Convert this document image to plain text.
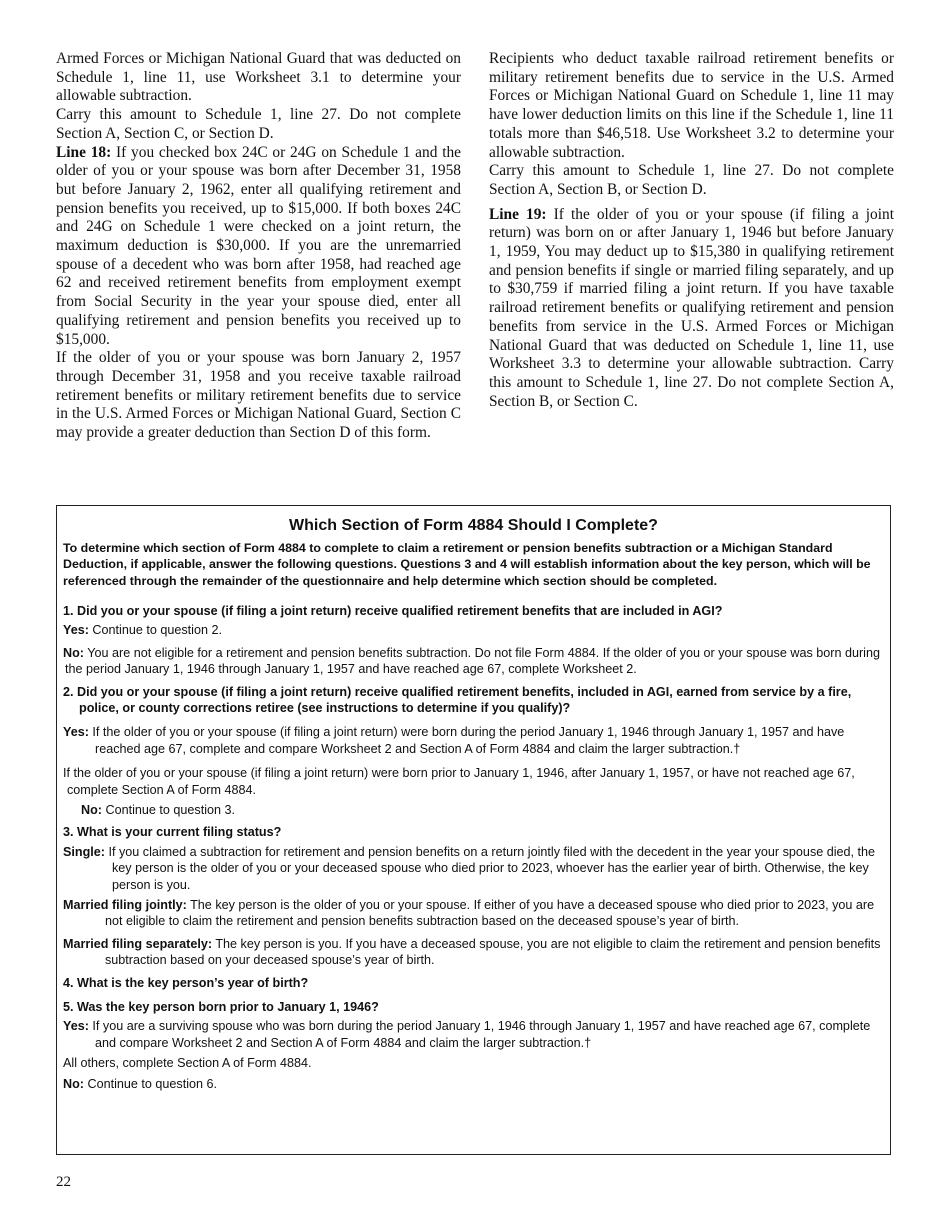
Armed Forces or Michigan National Guard that was deducted on Schedule 1, line 11, use Worksheet 3.1 to determine your allowable subtraction.

Carry this amount to Schedule 1, line 27. Do not complete Section A, Section C, or Section D.

Line 18: If you checked box 24C or 24G on Schedule 1 and the older of you or your spouse was born after December 31, 1958 but before January 2, 1962, enter all qualifying retirement and pension benefits you received, up to $15,000. If both boxes 24C and 24G on Schedule 1 were checked on a joint return, the maximum deduction is $30,000. If you are the unremarried spouse of a decedent who was born after 1958, had reached age 62 and received retirement benefits from employment exempt from Social Security in the year your spouse died, enter all qualifying retirement and pension benefits you received up to $15,000.

If the older of you or your spouse was born January 2, 1957 through December 31, 1958 and you receive taxable railroad retirement benefits or military retirement benefits due to service in the U.S. Armed Forces or Michigan National Guard, Section C may provide a greater deduction than Section D of this form.

Recipients who deduct taxable railroad retirement benefits or military retirement benefits due to service in the U.S. Armed Forces or Michigan National Guard on Schedule 1, line 11 may have lower deduction limits on this line if the Schedule 1, line 11 totals more than $46,518. Use Worksheet 3.2 to determine your allowable subtraction.

Carry this amount to Schedule 1, line 27. Do not complete Section A, Section B, or Section D.

Line 19: If the older of you or your spouse (if filing a joint return) was born on or after January 1, 1946 but before January 1, 1959, You may deduct up to $15,380 in qualifying retirement and pension benefits if single or married filing separately, and up to $30,759 if married filing a joint return. If you have taxable railroad retirement benefits or qualifying retirement and pension benefits from service in the U.S. Armed Forces or Michigan National Guard that was deducted on Schedule 1, line 11, use Worksheet 3.3 to determine your allowable subtraction. Carry this amount to Schedule 1, line 27. Do not complete Section A, Section B, or Section C.

Which Section of Form 4884 Should I Complete?

To determine which section of Form 4884 to complete to claim a retirement or pension benefits subtraction or a Michigan Standard Deduction, if applicable, answer the following questions. Questions 3 and 4 will establish information about the key person, which will be referenced through the remainder of the questionnaire and help determine which section should be completed.

1. Did you or your spouse (if filing a joint return) receive qualified retirement benefits that are included in AGI?

Yes: Continue to question 2.

No: You are not eligible for a retirement and pension benefits subtraction. Do not file Form 4884. If the older of you or your spouse was born during the period January 1, 1946 through January 1, 1957 and have reached age 67, complete Worksheet 2.

2. Did you or your spouse (if filing a joint return) receive qualified retirement benefits, included in AGI, earned from service by a fire, police, or county corrections retiree (see instructions to determine if you qualify)?

Yes: If the older of you or your spouse (if filing a joint return) were born during the period January 1, 1946 through January 1, 1957 and have reached age 67, complete and compare Worksheet 2 and Section A of Form 4884 and claim the larger subtraction.†

If the older of you or your spouse (if filing a joint return) were born prior to January 1, 1946, after January 1, 1957, or have not reached age 67, complete Section A of Form 4884.

No: Continue to question 3.

3. What is your current filing status?

Single: If you claimed a subtraction for retirement and pension benefits on a return jointly filed with the decedent in the year your spouse died, the key person is the older of you or your deceased spouse who died prior to 2023, whoever has the earlier year of birth. Otherwise, the key person is you.

Married filing jointly: The key person is the older of you or your spouse. If either of you have a deceased spouse who died prior to 2023, you are not eligible to claim the retirement and pension benefits subtraction based on the deceased spouse’s year of birth.

Married filing separately: The key person is you. If you have a deceased spouse, you are not eligible to claim the retirement and pension benefits subtraction based on your deceased spouse’s year of birth.

4. What is the key person’s year of birth?

5. Was the key person born prior to January 1, 1946?

Yes: If you are a surviving spouse who was born during the period January 1, 1946 through January 1, 1957 and have reached age 67, complete and compare Worksheet 2 and Section A of Form 4884 and claim the larger subtraction.†

All others, complete Section A of Form 4884.

No: Continue to question 6.

22
